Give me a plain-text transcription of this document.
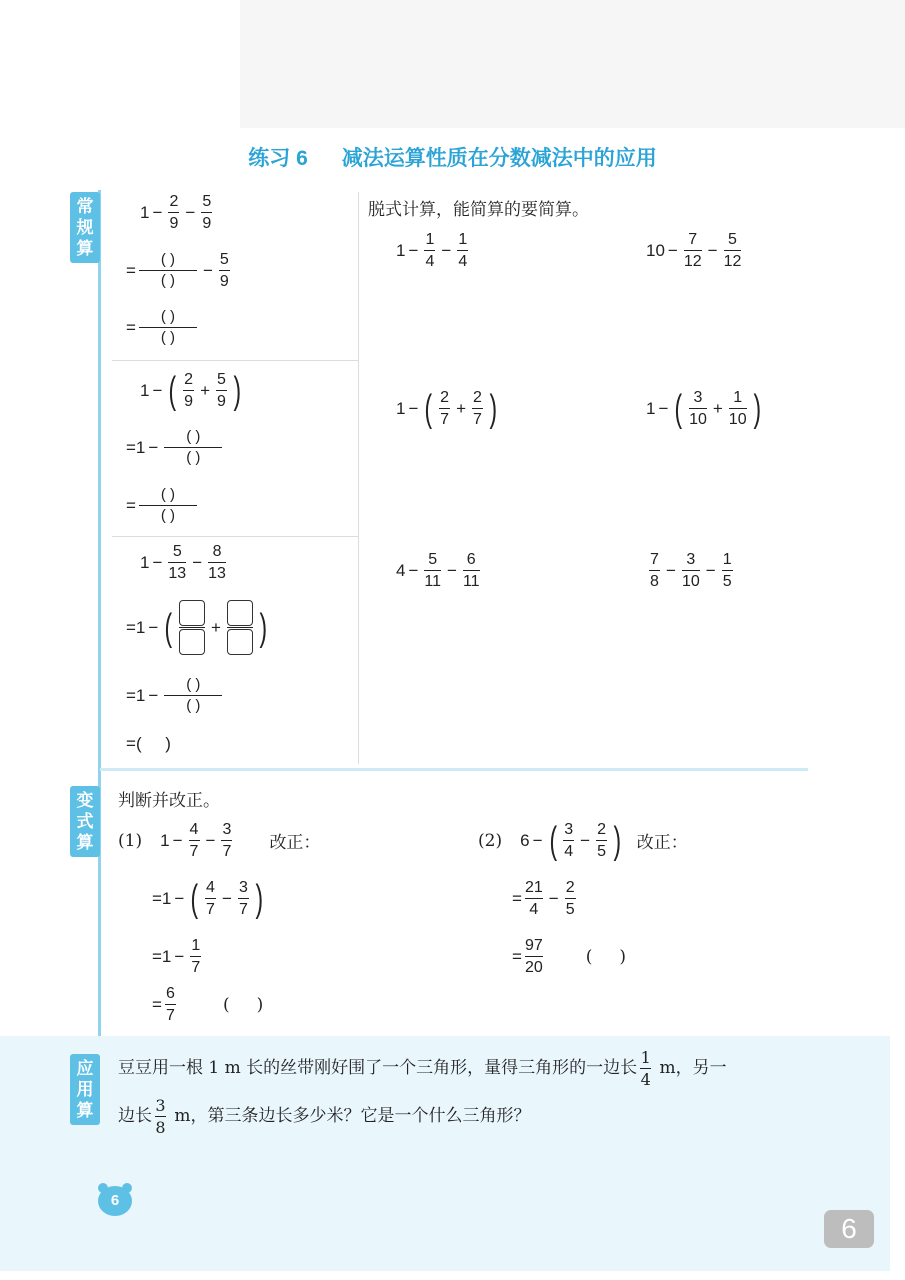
练习 6 减法运算性质在分数减法中的应用
常
规
算
变
式
算
$1 - \frac{2}{9} - \frac{5}{9}$
= $\frac{( )}{( )} - \frac{5}{9}$
= $\frac{( )}{( )}$
1 − ( $\frac{2}{9} + \frac{5}{9}$ )
$=1 - \frac{( )}{( )}$
= $\frac{( )}{( )}$
$1 - \frac{5}{13} - \frac{8}{13}$
=1 − ( + )
$=1 - \frac{( )}{( )}$
= (     )
脱式计算，能简算的要简算。
$1 - \frac{1}{4} - \frac{1}{4}$	$10 - \frac{7}{12} - \frac{5}{12}$
1 − ( $\frac{2}{7} + \frac{2}{7}$ )	1 − ( $\frac{3}{10} + \frac{1}{10}$ )
$4 - \frac{5}{11} - \frac{6}{11}$	$\frac{7}{8} - \frac{3}{10} - \frac{1}{5}$
判断并改正。
(1) $1 - \frac{4}{7} - \frac{3}{7}$ 改正：
=1 − ( $\frac{4}{7} - \frac{3}{7}$ )
$=1 - \frac{1}{7}$
= $\frac{6}{7}$	(     )
(2) 6 − ( $\frac{3}{4} - \frac{2}{5}$ ) 改正：
= $\frac{21}{4} - \frac{2}{5}$
= $\frac{97}{20}$	(     )
应
用
算
豆豆用一根 1 m 长的丝带刚好围了一个三角形，量得三角形的一边长 $\frac{1}{4}$ m，另一
边长 $\frac{3}{8}$ m，第三条边长多少米？它是一个什么三角形？
6
6
